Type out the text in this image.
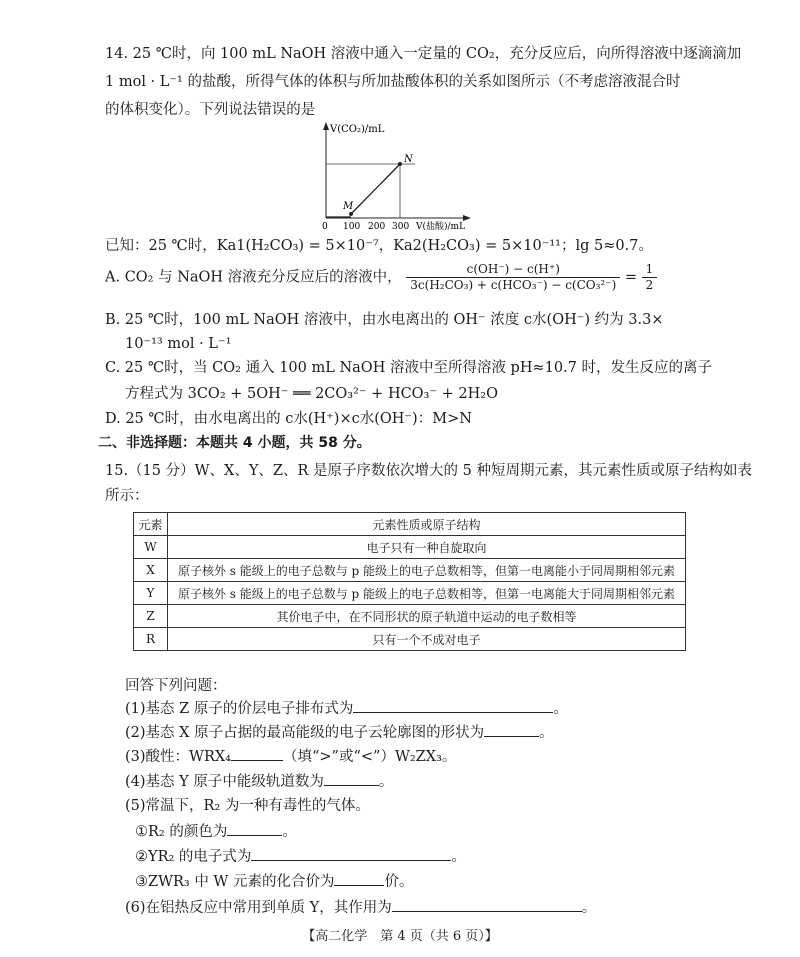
14. 25 ℃时，向 100 mL NaOH 溶液中通入一定量的 CO₂，充分反应后，向所得溶液中逐滴滴加
1 mol · L⁻¹ 的盐酸，所得气体的体积与所加盐酸体积的关系如图所示（不考虑溶液混合时
的体积变化）。下列说法错误的是
V(CO₂)/mL
N
M
0 100 200 300 V(盐酸)/mL
已知：25 ℃时，Ka1(H₂CO₃) = 5×10⁻⁷，Ka2(H₂CO₃) = 5×10⁻¹¹；lg 5≈0.7。
A. CO₂ 与 NaOH 溶液充分反应后的溶液中， $\frac{c(OH^-) - c(H^+)}{\text{3c(H₂CO₃) + c(HCO₃⁻) − c(CO₃²⁻)}} = \frac{1}{2}$
B. 25 ℃时，100 mL NaOH 溶液中，由水电离出的 OH⁻ 浓度 c水(OH⁻) 约为 3.3×
10⁻¹³ mol · L⁻¹
C. 25 ℃时，当 CO₂ 通入 100 mL NaOH 溶液中至所得溶液 pH≈10.7 时，发生反应的离子
方程式为 3CO₂ + 5OH⁻ ══ 2CO₃²⁻ + HCO₃⁻ + 2H₂O
D. 25 ℃时，由水电离出的 c水(H⁺)×c水(OH⁻)：M>N
二、非选择题：本题共 4 小题，共 58 分。
15.（15 分）W、X、Y、Z、R 是原子序数依次增大的 5 种短周期元素，其元素性质或原子结构如表
所示：
元素	元素性质或原子结构
W	电子只有一种自旋取向
X	原子核外 s 能级上的电子总数与 p 能级上的电子总数相等，但第一电离能小于同周期相邻元素
Y	原子核外 s 能级上的电子总数与 p 能级上的电子总数相等，但第一电离能大于同周期相邻元素
Z	其价电子中，在不同形状的原子轨道中运动的电子数相等
R	只有一个不成对电子
回答下列问题：
(1)基态 Z 原子的价层电子排布式为	。
(2)基态 X 原子占据的最高能级的电子云轮廓图的形状为	。
(3)酸性：WRX₄	（填“>”或“<”）W₂ZX₃。
(4)基态 Y 原子中能级轨道数为	。
(5)常温下，R₂ 为一种有毒性的气体。
①R₂ 的颜色为	。
②YR₂ 的电子式为	。
③ZWR₃ 中 W 元素的化合价为	价。
(6)在铝热反应中常用到单质 Y，其作用为	。
【高二化学　第 4 页（共 6 页）】
